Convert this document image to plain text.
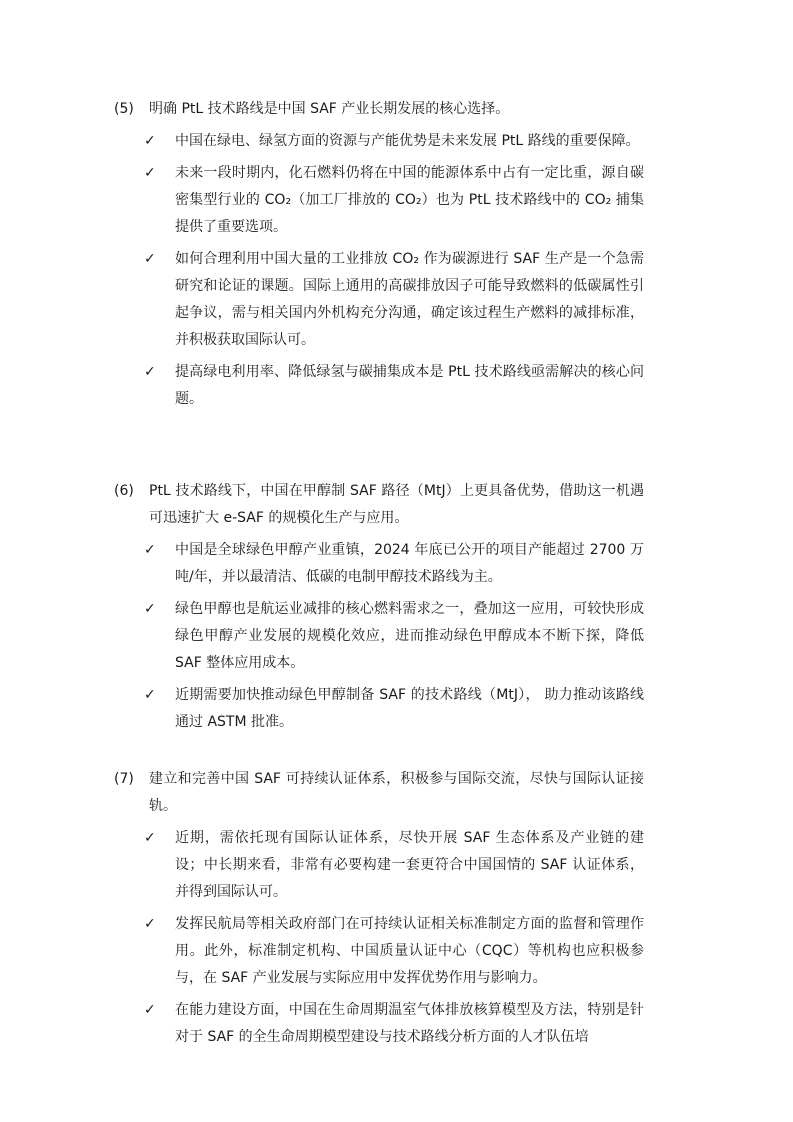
(5) 明确 PtL 技术路线是中国 SAF 产业长期发展的核心选择。
✓ 中国在绿电、绿氢方面的资源与产能优势是未来发展 PtL 路线的重要保障。
✓ 未来一段时期内，化石燃料仍将在中国的能源体系中占有一定比重，源自碳密集型行业的 CO₂（加工厂排放的 CO₂）也为 PtL 技术路线中的 CO₂ 捕集提供了重要选项。
✓ 如何合理利用中国大量的工业排放 CO₂ 作为碳源进行 SAF 生产是一个急需研究和论证的课题。国际上通用的高碳排放因子可能导致燃料的低碳属性引起争议，需与相关国内外机构充分沟通，确定该过程生产燃料的减排标准，并积极获取国际认可。
✓ 提高绿电利用率、降低绿氢与碳捕集成本是 PtL 技术路线亟需解决的核心问题。
(6) PtL 技术路线下，中国在甲醇制 SAF 路径（MtJ）上更具备优势，借助这一机遇可迅速扩大 e-SAF 的规模化生产与应用。
✓ 中国是全球绿色甲醇产业重镇，2024 年底已公开的项目产能超过 2700 万吨/年，并以最清洁、低碳的电制甲醇技术路线为主。
✓ 绿色甲醇也是航运业减排的核心燃料需求之一，叠加这一应用，可较快形成绿色甲醇产业发展的规模化效应，进而推动绿色甲醇成本不断下探，降低 SAF 整体应用成本。
✓ 近期需要加快推动绿色甲醇制备 SAF 的技术路线（MtJ）， 助力推动该路线通过 ASTM 批准。
(7) 建立和完善中国 SAF 可持续认证体系，积极参与国际交流，尽快与国际认证接轨。
✓ 近期，需依托现有国际认证体系，尽快开展 SAF 生态体系及产业链的建设；中长期来看，非常有必要构建一套更符合中国国情的 SAF 认证体系，并得到国际认可。
✓ 发挥民航局等相关政府部门在可持续认证相关标准制定方面的监督和管理作用。此外，标准制定机构、中国质量认证中心（CQC）等机构也应积极参与，在 SAF 产业发展与实际应用中发挥优势作用与影响力。
✓ 在能力建设方面，中国在生命周期温室气体排放核算模型及方法，特别是针对于 SAF 的全生命周期模型建设与技术路线分析方面的人才队伍培
